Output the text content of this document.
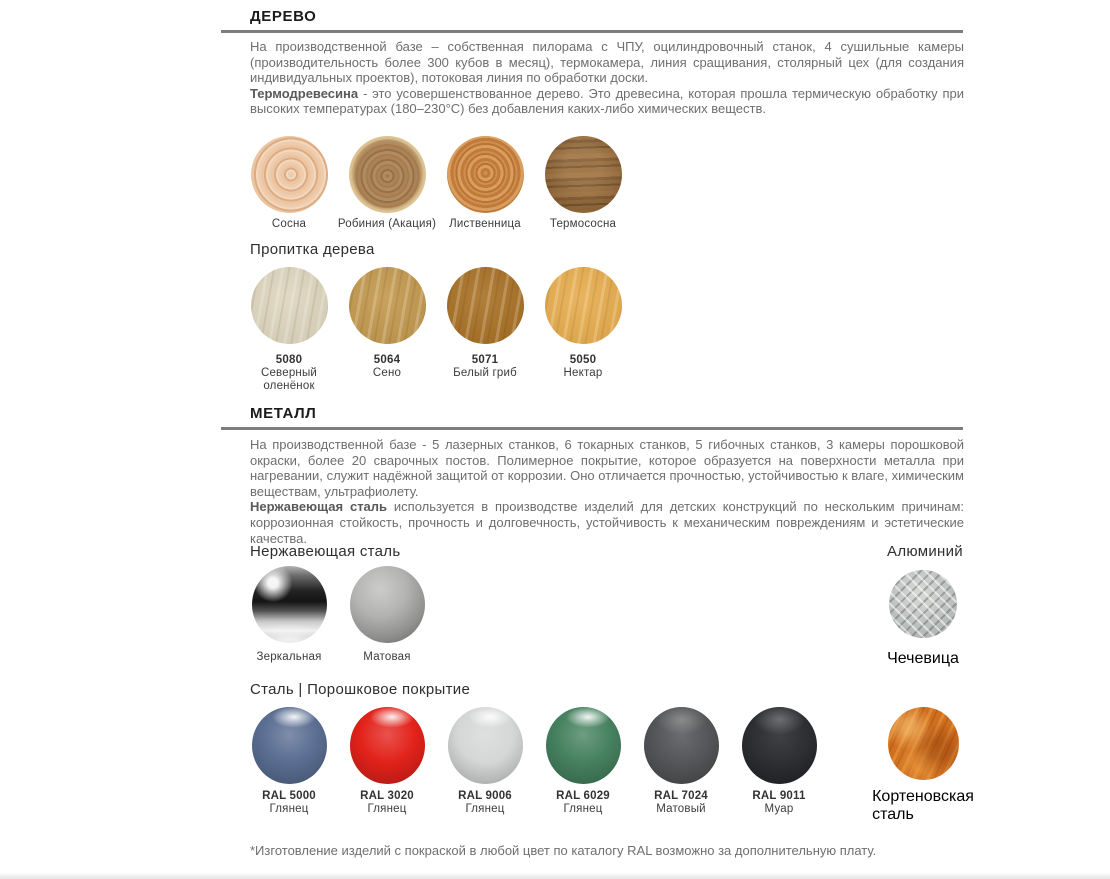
ДЕРЕВО

На производственной базе – собственная пилорама с ЧПУ, оцилиндровочный станок, 4 сушильные камеры (производительность более 300 кубов в месяц), термокамера, линия сращивания, столярный цех (для создания индивидуальных проектов), потоковая линия по обработки доски.

Термодревесина - это усовершенствованное дерево. Это древесина, которая прошла термическую обработку при высоких температурах (180–230°С) без добавления каких-либо химических веществ.

Сосна	Робиния (Акация) Лиственница	Термососна
Пропитка дерева
5080
Северный оленёнок
5064
Сено
5071
Белый гриб
5050
Нектар
МЕТАЛЛ

На производственной базе - 5 лазерных станков, 6 токарных станков, 5 гибочных станков, 3 камеры порошковой окраски, более 20 сварочных постов. Полимерное покрытие, которое образуется на поверхности металла при нагревании, служит надёжной защитой от коррозии. Оно отличается прочностью, устойчивостью к влаге, химическим веществам, ультрафиолету.

Нержавеющая сталь используется в производстве изделий для детских конструкций по нескольким причинам: коррозионная стойкость, прочность и долговечность, устойчивость к механическим повреждениям и эстетические качества.

Нержавеющая сталь	Алюминий
Зеркальная	Матовая	Чечевица
Сталь | Порошковое покрытие
RAL 5000
Глянец
RAL 3020
Глянец
RAL 9006
Глянец
RAL 6029
Глянец
RAL 7024
Матовый
RAL 9011
Муар
Кортеновская сталь
*Изготовление изделий с покраской в любой цвет по каталогу RAL возможно за дополнительную плату.
